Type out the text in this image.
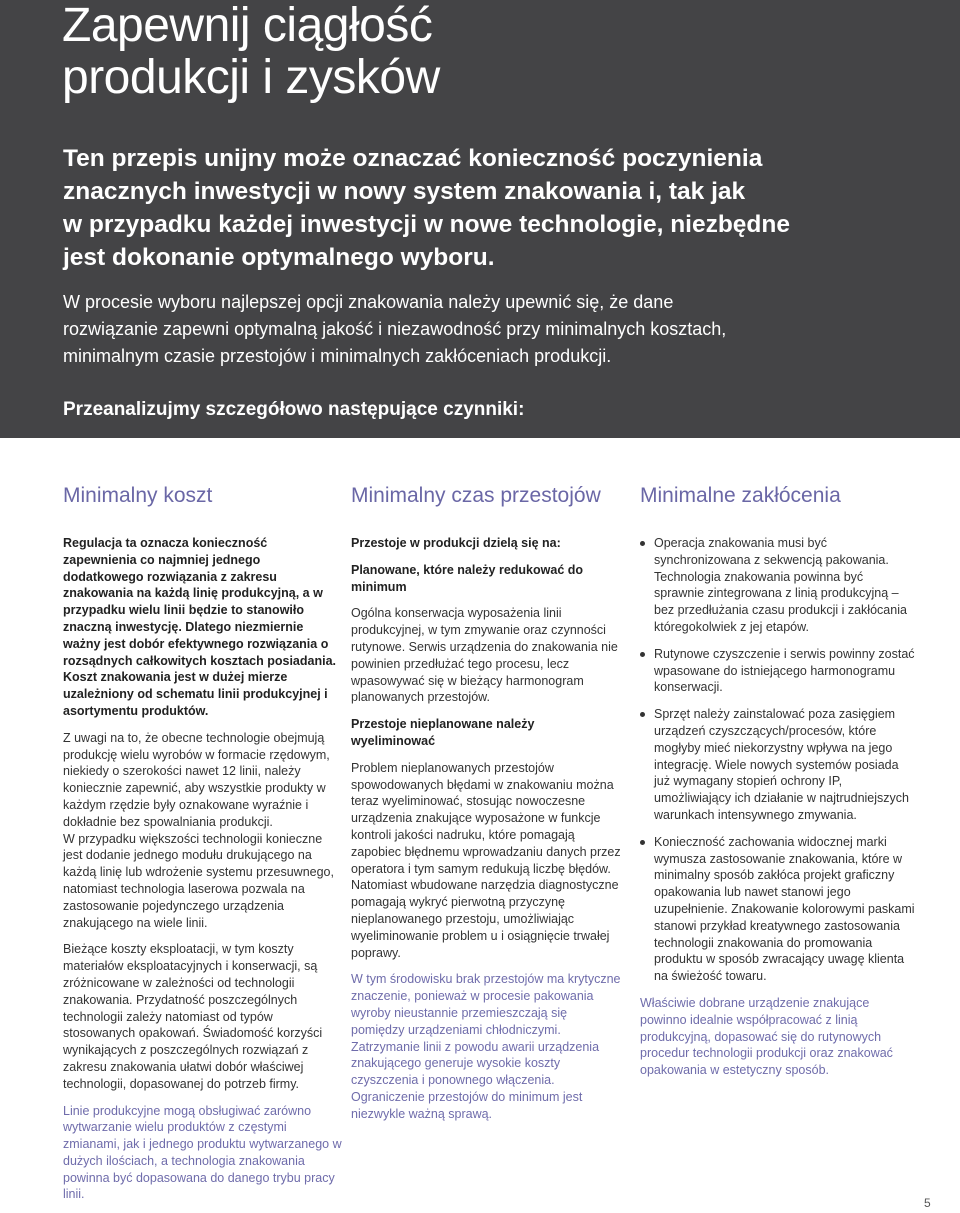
Zapewnij ciągłość
produkcji i zysków

Ten przepis unijny może oznaczać konieczność poczynienia
znacznych inwestycji w nowy system znakowania i, tak jak
w przypadku każdej inwestycji w nowe technologie, niezbędne
jest dokonanie optymalnego wyboru.

W procesie wyboru najlepszej opcji znakowania należy upewnić się, że dane
rozwiązanie zapewni optymalną jakość i niezawodność przy minimalnych kosztach,
minimalnym czasie przestojów i minimalnych zakłóceniach produkcji.

Przeanalizujmy szczegółowo następujące czynniki:

Minimalny koszt

Regulacja ta oznacza konieczność zapewnienia co najmniej jednego dodatkowego rozwiązania z zakresu znakowania na każdą linię produkcyjną, a w przypadku wielu linii będzie to stanowiło znaczną inwestycję. Dlatego niezmiernie ważny jest dobór efektywnego rozwiązania o rozsądnych całkowitych kosztach posiadania. Koszt znakowania jest w dużej mierze uzależniony od schematu linii produkcyjnej i asortymentu produktów.

Z uwagi na to, że obecne technologie obejmują produkcję wielu wyrobów w formacie rzędowym, niekiedy o szerokości nawet 12 linii, należy koniecznie zapewnić, aby wszystkie produkty w każdym rzędzie były oznakowane wyraźnie i dokładnie bez spowalniania produkcji.

W przypadku większości technologii konieczne jest dodanie jednego modułu drukującego na każdą linię lub wdrożenie systemu przesuwnego, natomiast technologia laserowa pozwala na zastosowanie pojedynczego urządzenia znakującego na wiele linii.

Bieżące koszty eksploatacji, w tym koszty materiałów eksploatacyjnych i konserwacji, są zróżnicowane w zależności od technologii znakowania. Przydatność poszczególnych technologii zależy natomiast od typów stosowanych opakowań. Świadomość korzyści wynikających z poszczególnych rozwiązań z zakresu znakowania ułatwi dobór właściwej technologii, dopasowanej do potrzeb firmy.

Linie produkcyjne mogą obsługiwać zarówno wytwarzanie wielu produktów z częstymi zmianami, jak i jednego produktu wytwarzanego w dużych ilościach, a technologia znakowania powinna być dopasowana do danego trybu pracy linii.

Minimalny czas przestojów

Przestoje w produkcji dzielą się na:

Planowane, które należy redukować do minimum

Ogólna konserwacja wyposażenia linii produkcyjnej, w tym zmywanie oraz czynności rutynowe. Serwis urządzenia do znakowania nie powinien przedłużać tego procesu, lecz wpasowywać się w bieżący harmonogram planowanych przestojów.

Przestoje nieplanowane należy wyeliminować

Problem nieplanowanych przestojów spowodowanych błędami w znakowaniu można teraz wyeliminować, stosując nowoczesne urządzenia znakujące wyposażone w funkcje kontroli jakości nadruku, które pomagają zapobiec błędnemu wprowadzaniu danych przez operatora i tym samym redukują liczbę błędów. Natomiast wbudowane narzędzia diagnostyczne pomagają wykryć pierwotną przyczynę nieplanowanego przestoju, umożliwiając wyeliminowanie problem u i osiągnięcie trwałej poprawy.

W tym środowisku brak przestojów ma krytyczne znaczenie, ponieważ w procesie pakowania wyroby nieustannie przemieszczają się pomiędzy urządzeniami chłodniczymi. Zatrzymanie linii z powodu awarii urządzenia znakującego generuje wysokie koszty czyszczenia i ponownego włączenia. Ograniczenie przestojów do minimum jest niezwykle ważną sprawą.

Minimalne zakłócenia
Operacja znakowania musi być synchronizowana z sekwencją pakowania. Technologia znakowania powinna być sprawnie zintegrowana z linią produkcyjną – bez przedłużania czasu produkcji i zakłócania któregokolwiek z jej etapów.
Rutynowe czyszczenie i serwis powinny zostać wpasowane do istniejącego harmonogramu konserwacji.
Sprzęt należy zainstalować poza zasięgiem urządzeń czyszczących/procesów, które mogłyby mieć niekorzystny wpływa na jego integrację. Wiele nowych systemów posiada już wymagany stopień ochrony IP, umożliwiający ich działanie w najtrudniejszych warunkach intensywnego zmywania.
Konieczność zachowania widocznej marki wymusza zastosowanie znakowania, które w minimalny sposób zakłóca projekt graficzny opakowania lub nawet stanowi jego uzupełnienie. Znakowanie kolorowymi paskami stanowi przykład kreatywnego zastosowania technologii znakowania do promowania produktu w sposób zwracający uwagę klienta na świeżość towaru.

Właściwie dobrane urządzenie znakujące powinno idealnie współpracować z linią produkcyjną, dopasować się do rutynowych procedur technologii produkcji oraz znakować opakowania w estetyczny sposób.

5
